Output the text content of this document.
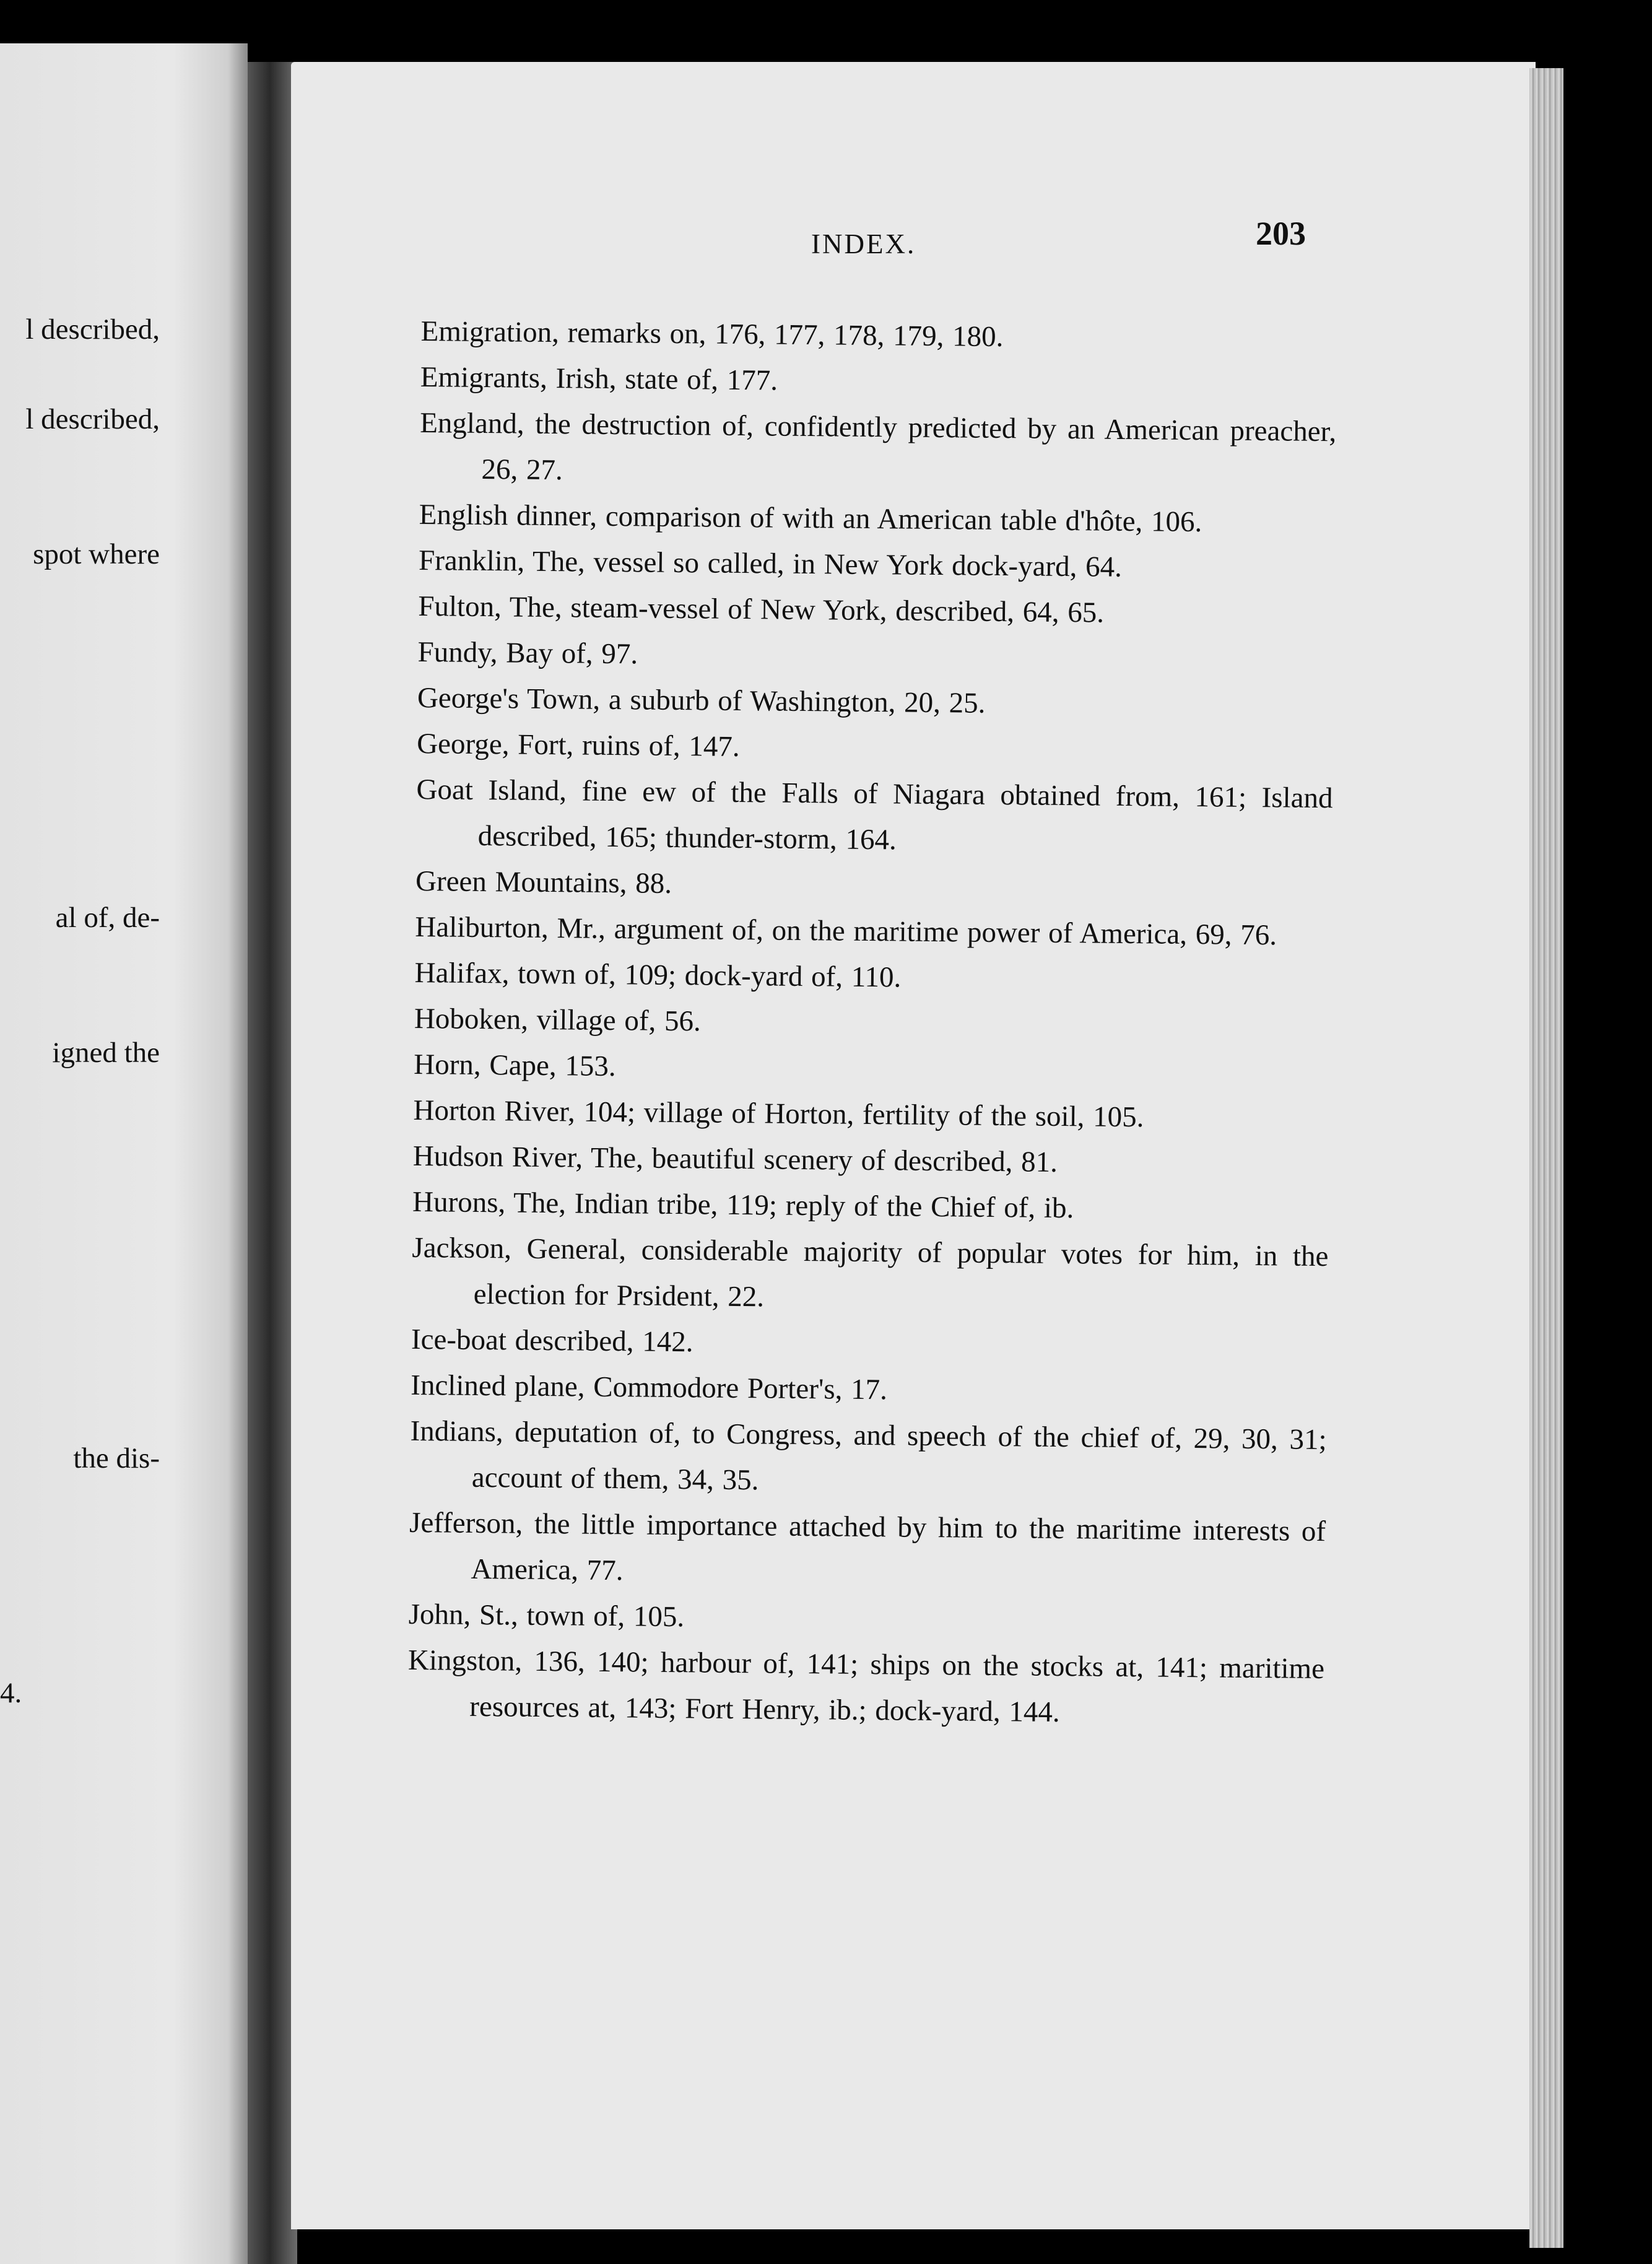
l described,
l described,
spot where
al of, de-
igned the
the dis-
4.
INDEX.	203
Emigration, remarks on, 176, 177, 178, 179, 180.
Emigrants, Irish, state of, 177.
England, the destruction of, confidently predicted by an American preacher, 26, 27.
English dinner, comparison of with an American table d'hôte, 106.
Franklin, The, vessel so called, in New York dock-yard, 64.
Fulton, The, steam-vessel of New York, described, 64, 65.
Fundy, Bay of, 97.
George's Town, a suburb of Washington, 20, 25.
George, Fort, ruins of, 147.
Goat Island, fine ew of the Falls of Niagara obtained from, 161; Island described, 165; thunder-storm, 164.
Green Mountains, 88.
Haliburton, Mr., argument of, on the maritime power of America, 69, 76.
Halifax, town of, 109; dock-yard of, 110.
Hoboken, village of, 56.
Horn, Cape, 153.
Horton River, 104; village of Horton, fertility of the soil, 105.
Hudson River, The, beautiful scenery of described, 81.
Hurons, The, Indian tribe, 119; reply of the Chief of, ib.
Jackson, General, considerable majority of popular votes for him, in the election for Prsident, 22.
Ice-boat described, 142.
Inclined plane, Commodore Porter's, 17.
Indians, deputation of, to Congress, and speech of the chief of, 29, 30, 31; account of them, 34, 35.
Jefferson, the little importance attached by him to the maritime interests of America, 77.
John, St., town of, 105.
Kingston, 136, 140; harbour of, 141; ships on the stocks at, 141; maritime resources at, 143; Fort Henry, ib.; dock-yard, 144.
